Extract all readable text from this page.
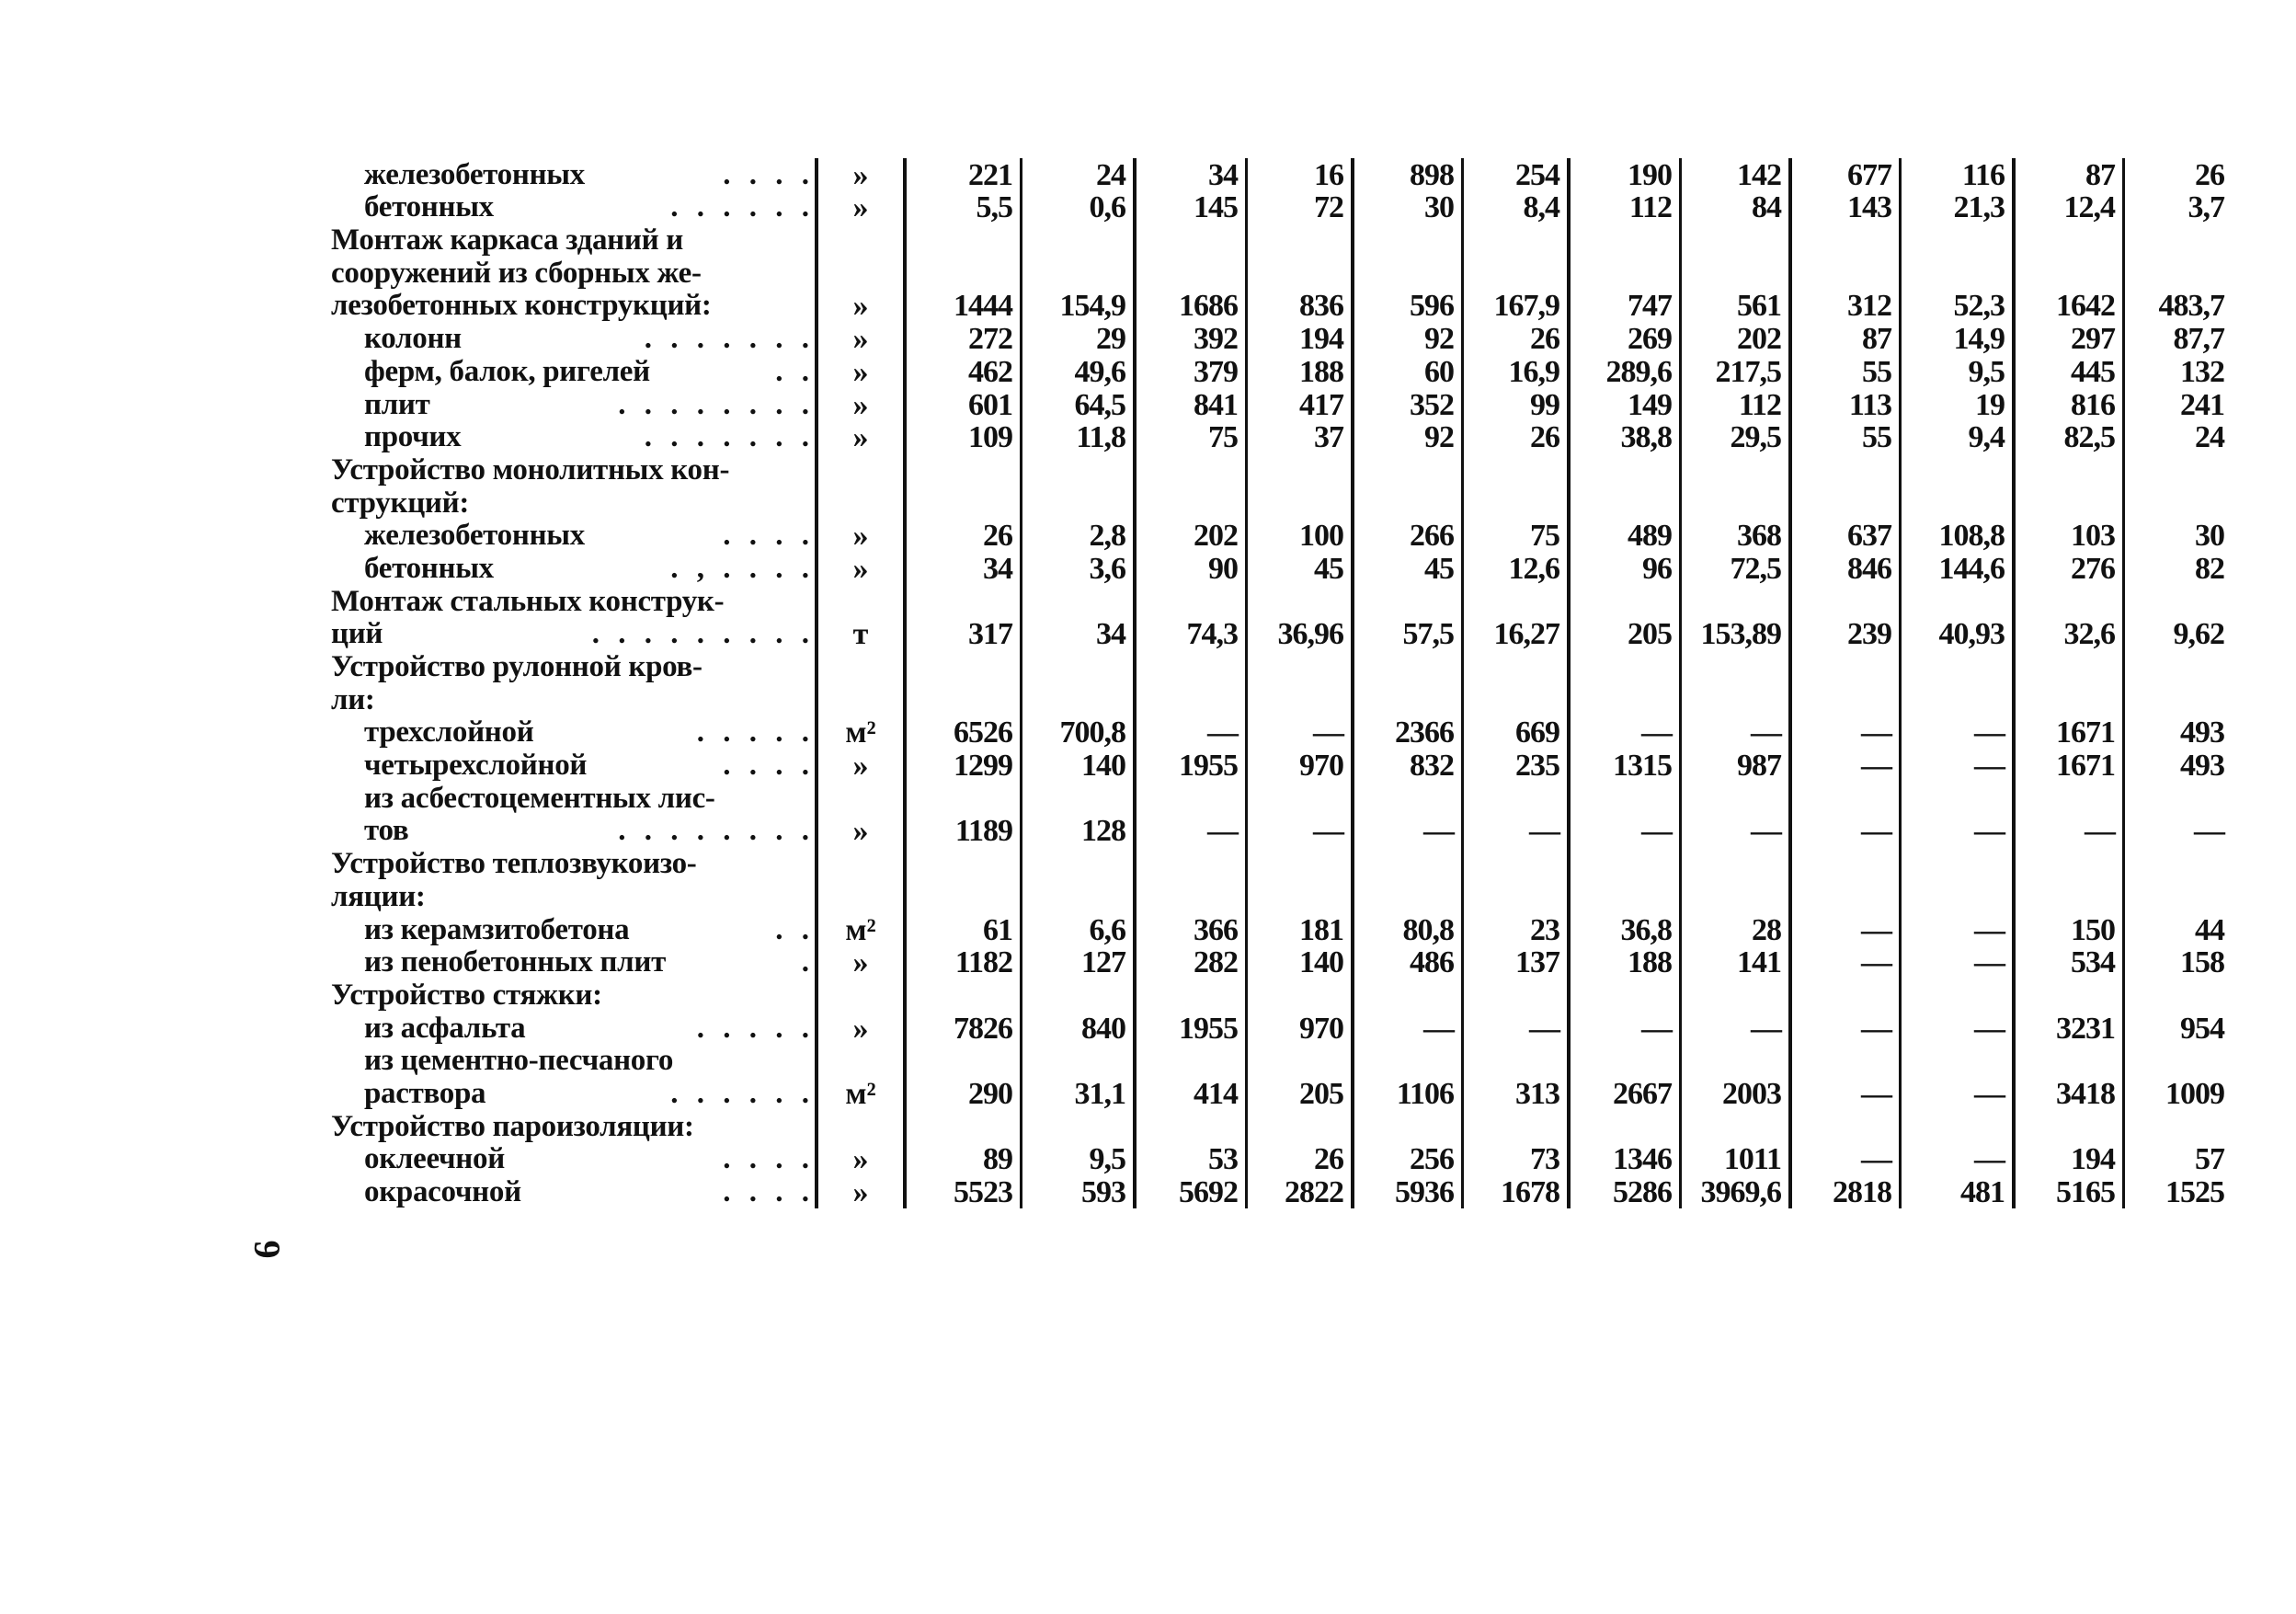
железобетонных . . . .	»	221	24	34	16	898	254	190	142	677	116	87	26

бетонных . . . . . .	»	5,5	0,6	145	72	30	8,4	112	84	143	21,3	12,4	3,7

Монтаж каркаса зданий и													

сооружений из сборных же-													

лезобетонных конструкций:	»	1444	154,9	1686	836	596	167,9	747	561	312	52,3	1642	483,7

колонн . . . . . . .	»	272	29	392	194	92	26	269	202	87	14,9	297	87,7

ферм, балок, ригелей . .	»	462	49,6	379	188	60	16,9	289,6	217,5	55	9,5	445	132

плит . . . . . . . .	»	601	64,5	841	417	352	99	149	112	113	19	816	241

прочих . . . . . . .	»	109	11,8	75	37	92	26	38,8	29,5	55	9,4	82,5	24

Устройство монолитных кон-													

струкций:													

железобетонных . . . .	»	26	2,8	202	100	266	75	489	368	637	108,8	103	30

бетонных . , . . . .	»	34	3,6	90	45	45	12,6	96	72,5	846	144,6	276	82

Монтаж стальных конструк-													

ций . . . . . . . . .	т	317	34	74,3	36,96	57,5	16,27	205	153,89	239	40,93	32,6	9,62

Устройство рулонной кров-													

ли:													

трехслойной . . . . .	м²	6526	700,8	—	—	2366	669	—	—	—	—	1671	493

четырехслойной . . . .	»	1299	140	1955	970	832	235	1315	987	—	—	1671	493

из асбестоцементных лис-													

тов . . . . . . . .	»	1189	128	—	—	—	—	—	—	—	—	—	—

Устройство теплозвукоизо-													

ляции:													

из керамзитобетона . .	м²	61	6,6	366	181	80,8	23	36,8	28	—	—	150	44

из пенобетонных плит .	»	1182	127	282	140	486	137	188	141	—	—	534	158

Устройство стяжки:													

из асфальта . . . . .	»	7826	840	1955	970	—	—	—	—	—	—	3231	954

из цементно-песчаного													

раствора . . . . . .	м²	290	31,1	414	205	1106	313	2667	2003	—	—	3418	1009

Устройство пароизоляции:													

оклеечной . . . .	»	89	9,5	53	26	256	73	1346	1011	—	—	194	57

окрасочной . . . .	»	5523	593	5692	2822	5936	1678	5286	3969,6	2818	481	5165	1525
6
